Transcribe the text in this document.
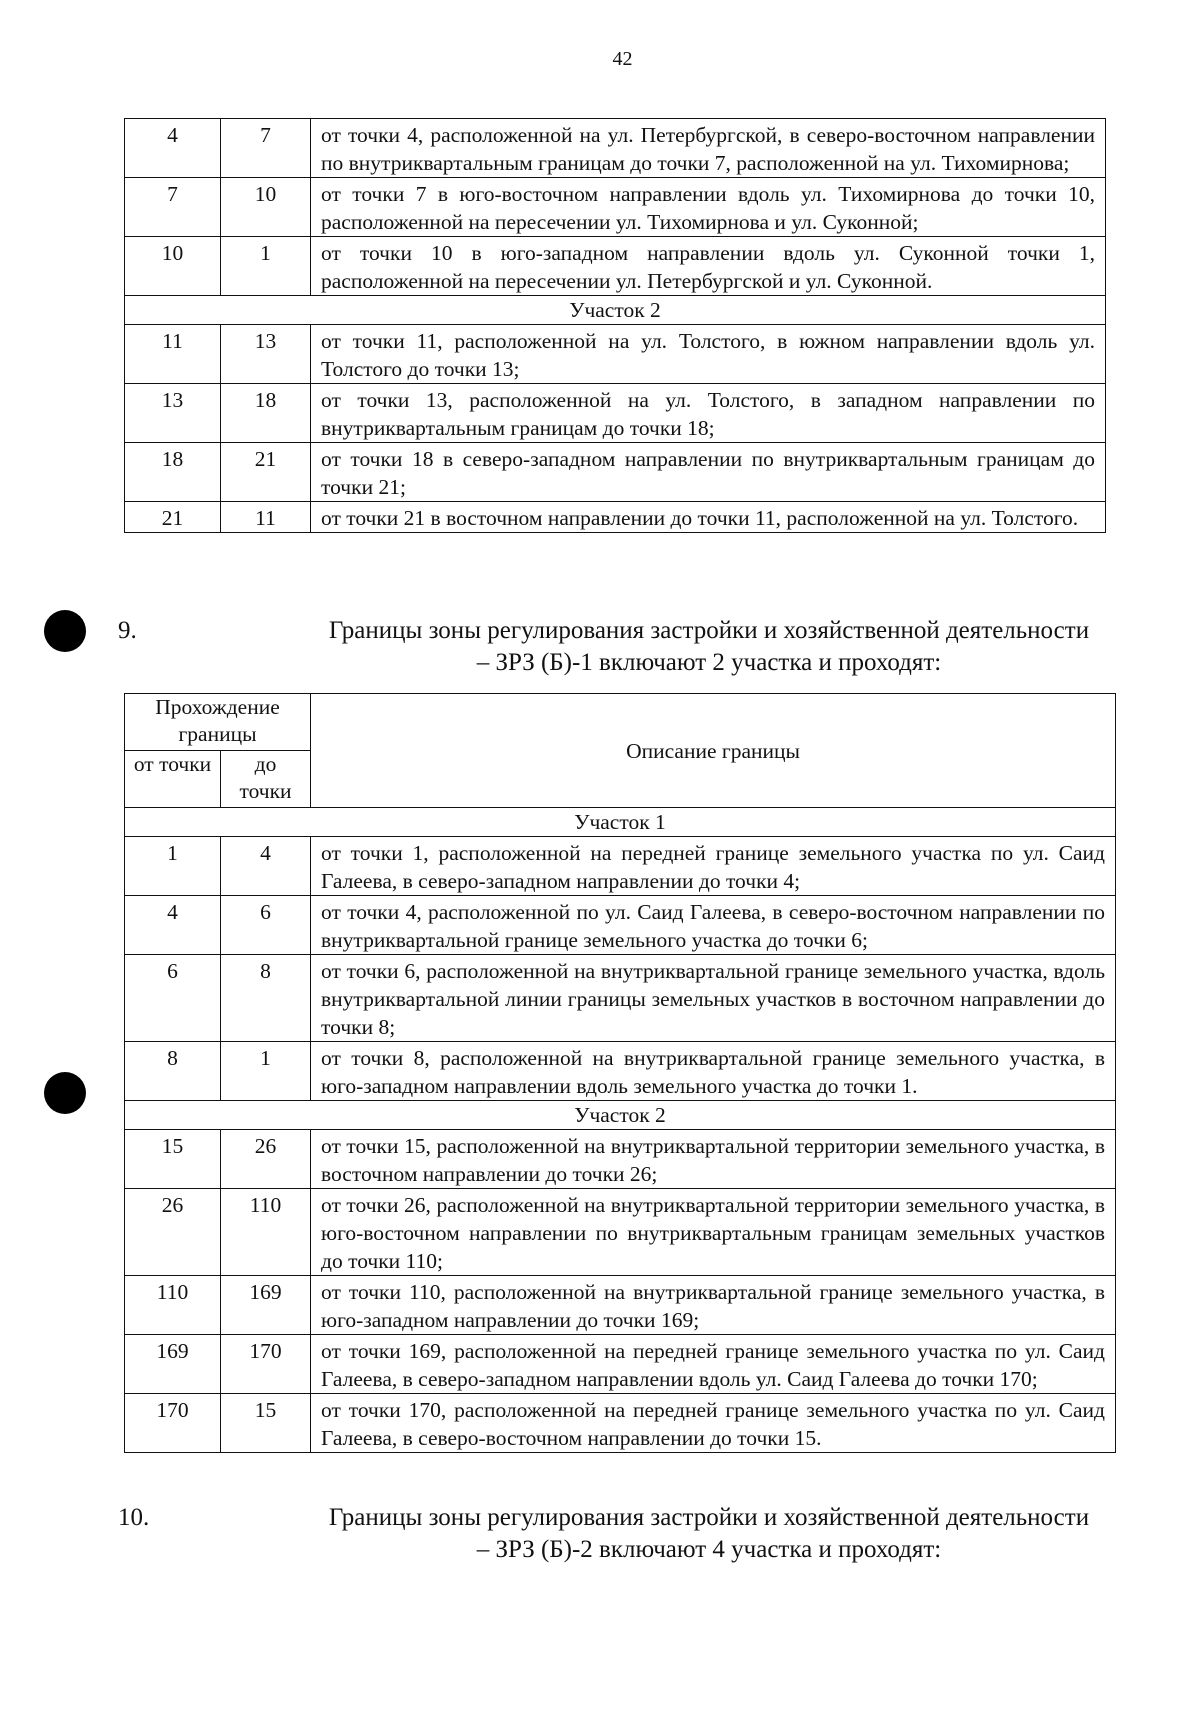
42
4	7	от точки 4, расположенной на ул. Петербургской, в северо-восточном направлении по внутриквартальным границам до точки 7, расположенной на ул. Тихомирнова;
7	10	от точки 7 в юго-восточном направлении вдоль ул. Тихомирнова до точки 10, расположенной на пересечении ул. Тихомирнова и ул. Суконной;
10	1	от точки 10 в юго-западном направлении вдоль ул. Суконной точки 1, расположенной на пересечении ул. Петербургской и ул. Суконной.
Участок 2		
11	13	от точки 11, расположенной на ул. Толстого, в южном направлении вдоль ул. Толстого до точки 13;
13	18	от точки 13, расположенной на ул. Толстого, в западном направлении по внутриквартальным границам до точки 18;
18	21	от точки 18 в северо-западном направлении по внутриквартальным границам до точки 21;
21	11	от точки 21 в восточном направлении до точки 11, расположенной на ул. Толстого.
9.	Границы зоны регулирования застройки и хозяйственной деятельности
– ЗРЗ (Б)-1 включают 2 участка и проходят:
Прохождение границы		Описание границы
от точки	до точки	
Участок 1		
1	4	от точки 1, расположенной на передней границе земельного участка по ул. Саид Галеева, в северо-западном направлении до точки 4;
4	6	от точки 4, расположенной по ул. Саид Галеева, в северо-восточном направлении по внутриквартальной границе земельного участка до точки 6;
6	8	от точки 6, расположенной на внутриквартальной границе земельного участка, вдоль внутриквартальной линии границы земельных участков в восточном направлении до точки 8;
8	1	от точки 8, расположенной на внутриквартальной границе земельного участка, в юго-западном направлении вдоль земельного участка до точки 1.
Участок 2		
15	26	от точки 15, расположенной на внутриквартальной территории земельного участка, в восточном направлении до точки 26;
26	110	от точки 26, расположенной на внутриквартальной территории земельного участка, в юго-восточном направлении по внутриквартальным границам земельных участков до точки 110;
110	169	от точки 110, расположенной на внутриквартальной границе земельного участка, в юго-западном направлении до точки 169;
169	170	от точки 169, расположенной на передней границе земельного участка по ул. Саид Галеева, в северо-западном направлении вдоль ул. Саид Галеева до точки 170;
170	15	от точки 170, расположенной на передней границе земельного участка по ул. Саид Галеева, в северо-восточном направлении до точки 15.
10.	Границы зоны регулирования застройки и хозяйственной деятельности
– ЗРЗ (Б)-2 включают 4 участка и проходят:
